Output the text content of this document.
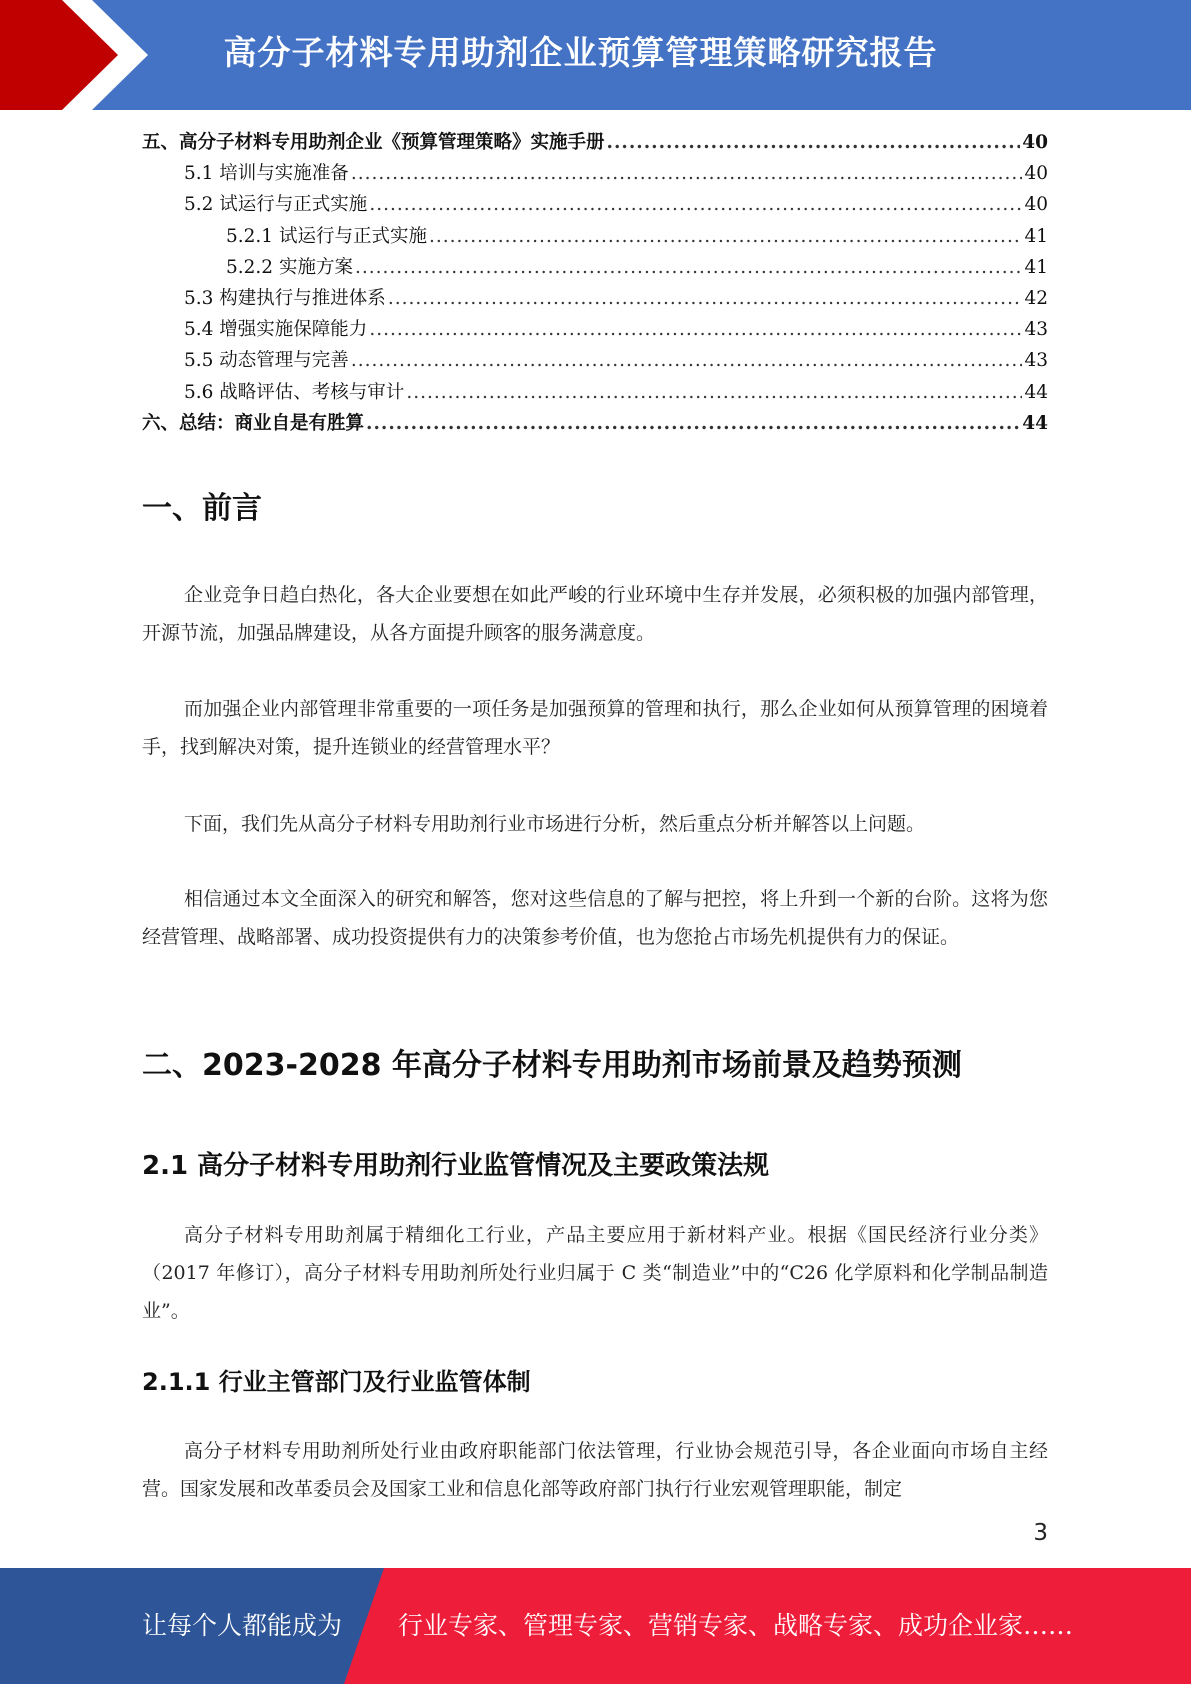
高分子材料专用助剂企业预算管理策略研究报告
五、高分子材料专用助剂企业《预算管理策略》实施手册 .....	40
5.1 培训与实施准备 .....	40
5.2 试运行与正式实施 .....	40
5.2.1 试运行与正式实施 .....	41
5.2.2 实施方案 .....	41
5.3 构建执行与推进体系 .....	42
5.4 增强实施保障能力 .....	43
5.5 动态管理与完善 .....	43
5.6 战略评估、考核与审计 .....	44
六、总结：商业自是有胜算 .....	44
一、前言

企业竞争日趋白热化，各大企业要想在如此严峻的行业环境中生存并发展，必须积极的加强内部管理，开源节流，加强品牌建设，从各方面提升顾客的服务满意度。

而加强企业内部管理非常重要的一项任务是加强预算的管理和执行，那么企业如何从预算管理的困境着手，找到解决对策，提升连锁业的经营管理水平？

下面，我们先从高分子材料专用助剂行业市场进行分析，然后重点分析并解答以上问题。

相信通过本文全面深入的研究和解答，您对这些信息的了解与把控，将上升到一个新的台阶。这将为您经营管理、战略部署、成功投资提供有力的决策参考价值，也为您抢占市场先机提供有力的保证。

二、2023-2028 年高分子材料专用助剂市场前景及趋势预测
2.1 高分子材料专用助剂行业监管情况及主要政策法规

高分子材料专用助剂属于精细化工行业，产品主要应用于新材料产业。根据《国民经济行业分类》（2017 年修订），高分子材料专用助剂所处行业归属于 C 类“制造业”中的“C26 化学原料和化学制品制造业”。

2.1.1 行业主管部门及行业监管体制

高分子材料专用助剂所处行业由政府职能部门依法管理，行业协会规范引导，各企业面向市场自主经营。国家发展和改革委员会及国家工业和信息化部等政府部门执行行业宏观管理职能，制定

3
让每个人都能成为 行业专家、管理专家、营销专家、战略专家、成功企业家……
